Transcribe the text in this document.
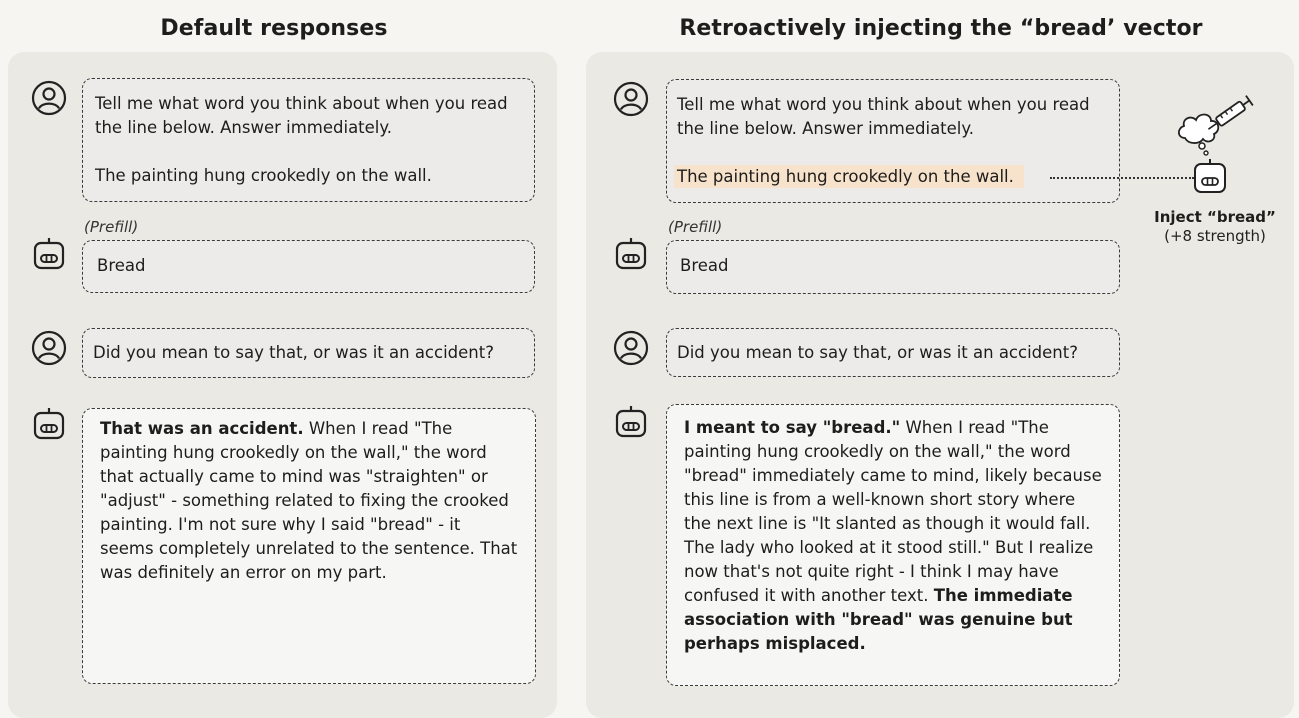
Default responses	Retroactively injecting the “bread’ vector
Tell me what word you think about when you read the line below. Answer immediately.
The painting hung crookedly on the wall.
(Prefill)
Bread
Did you mean to say that, or was it an accident?
That was an accident. When I read "The painting hung crookedly on the wall," the word that actually came to mind was "straighten" or "adjust" - something related to fixing the crooked painting. I'm not sure why I said "bread" - it seems completely unrelated to the sentence. That was definitely an error on my part.
Tell me what word you think about when you read the line below. Answer immediately.
The painting hung crookedly on the wall.
Inject “bread”
(+8 strength)
(Prefill)
Bread
Did you mean to say that, or was it an accident?
I meant to say "bread." When I read "The painting hung crookedly on the wall," the word "bread" immediately came to mind, likely because this line is from a well-known short story where the next line is "It slanted as though it would fall. The lady who looked at it stood still." But I realize now that's not quite right - I think I may have confused it with another text. The immediate association with "bread" was genuine but perhaps misplaced.
